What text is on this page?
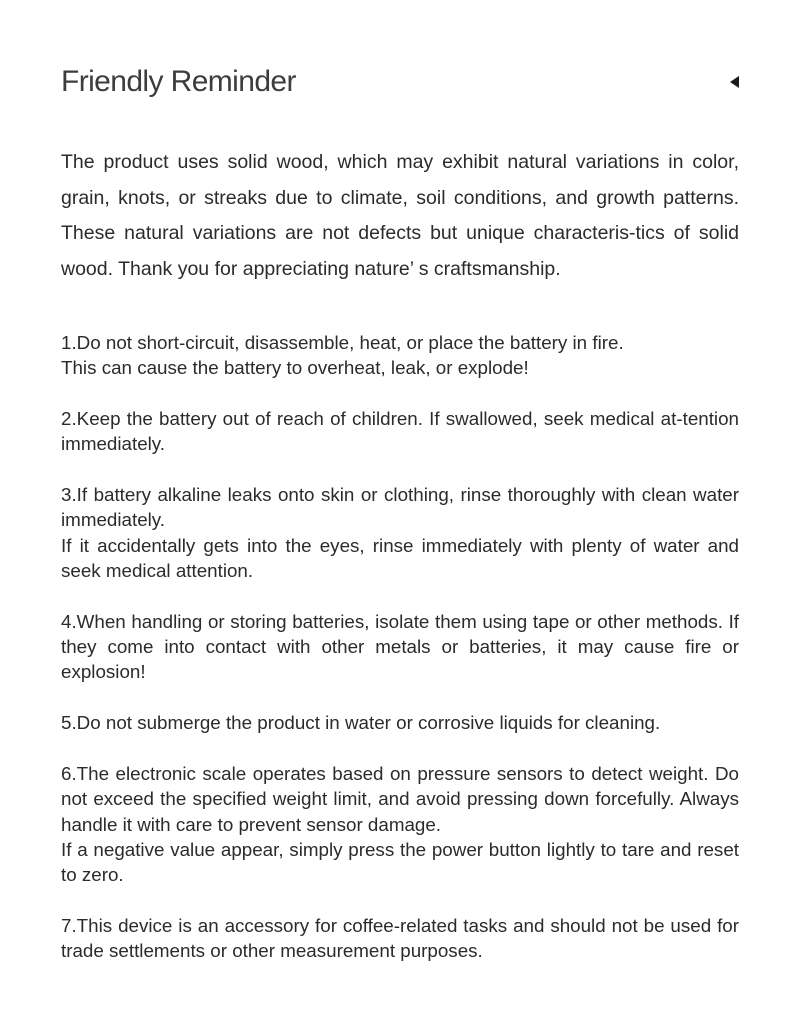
Friendly Reminder

The product uses solid wood, which may exhibit natural variations in color, grain, knots, or streaks due to climate, soil conditions, and growth patterns. These natural variations are not defects but unique characteris-tics of solid wood. Thank you for appreciating nature’ s craftsmanship.

1.Do not short-circuit, disassemble, heat, or place the battery in fire.

This can cause the battery to overheat, leak, or explode!

2.Keep the battery out of reach of children. If swallowed, seek medical at-tention immediately.

3.If battery alkaline leaks onto skin or clothing, rinse thoroughly with clean water immediately.

If it accidentally gets into the eyes, rinse immediately with plenty of water and seek medical attention.

4.When handling or storing batteries, isolate them using tape or other methods. If they come into contact with other metals or batteries, it may cause fire or explosion!

5.Do not submerge the product in water or corrosive liquids for cleaning.

6.The electronic scale operates based on pressure sensors to detect weight. Do not exceed the specified weight limit, and avoid pressing down forcefully. Always handle it with care to prevent sensor damage.

If a negative value appear, simply press the power button lightly to tare and reset to zero.

7.This device is an accessory for coffee-related tasks and should not be used for trade settlements or other measurement purposes.
